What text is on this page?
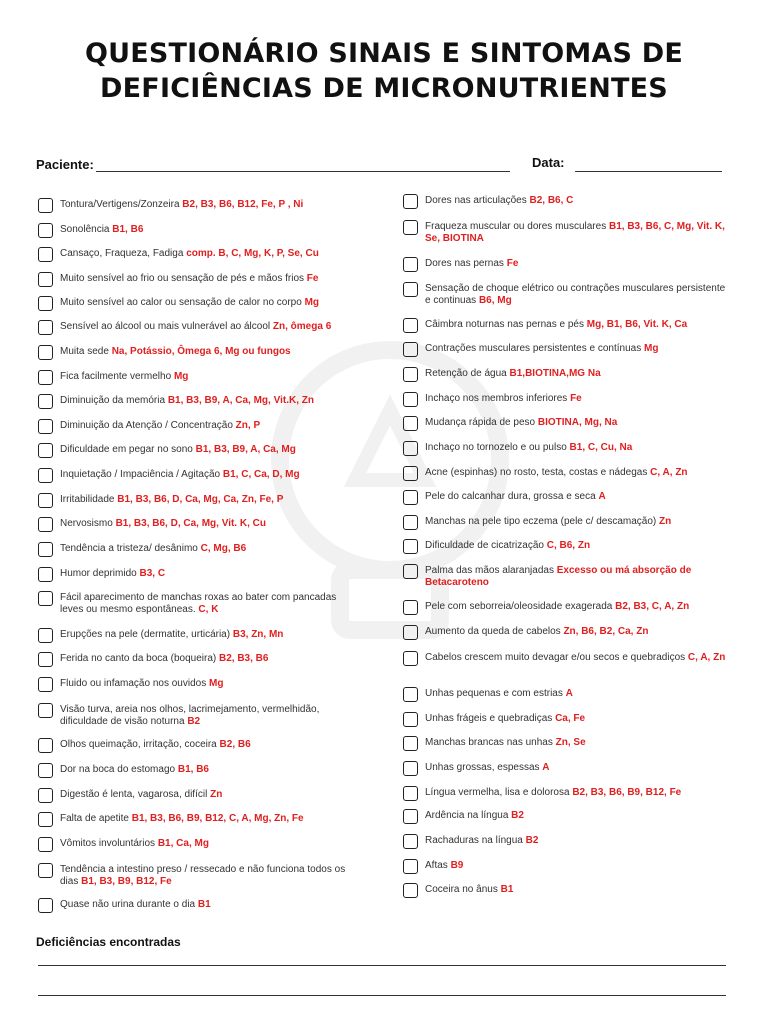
QUESTIONÁRIO SINAIS E SINTOMAS DE
DEFICIÊNCIAS DE MICRONUTRIENTES
Paciente:	Data:
Tontura/Vertigens/Zonzeira B2, B3, B6, B12, Fe, P , Ni
Sonolência B1, B6
Cansaço, Fraqueza, Fadiga comp. B, C, Mg, K, P, Se, Cu
Muito sensível ao frio ou sensação de pés e mãos frios Fe
Muito sensível ao calor ou sensação de calor no corpo Mg
Sensível ao álcool ou mais vulnerável ao álcool Zn, ômega 6
Muita sede Na, Potássio, Ômega 6, Mg ou fungos
Fica facilmente vermelho Mg
Diminuição da memória B1, B3, B9, A, Ca, Mg, Vit.K, Zn
Diminuição da Atenção / Concentração Zn, P
Dificuldade em pegar no sono B1, B3, B9, A, Ca, Mg
Inquietação / Impaciência / Agitação B1, C, Ca, D, Mg
Irritabilidade B1, B3, B6, D, Ca, Mg, Ca, Zn, Fe, P
Nervosismo B1, B3, B6, D, Ca, Mg, Vit. K, Cu
Tendência a tristeza/ desânimo C, Mg, B6
Humor deprimido B3, C
Fácil aparecimento de manchas roxas ao bater com pancadas leves ou mesmo espontâneas. C, K
Erupções na pele (dermatite, urticária) B3, Zn, Mn
Ferida no canto da boca (boqueira) B2, B3, B6
Fluido ou infamação nos ouvidos Mg
Visão turva, areia nos olhos, lacrimejamento, vermelhidão, dificuldade de visão noturna B2
Olhos queimação, irritação, coceira B2, B6
Dor na boca do estomago B1, B6
Digestão é lenta, vagarosa, difícil Zn
Falta de apetite B1, B3, B6, B9, B12, C, A, Mg, Zn, Fe
Vômitos involuntários B1, Ca, Mg
Tendência a intestino preso / ressecado e não funciona todos os dias B1, B3, B9, B12, Fe
Quase não urina durante o dia B1
Dores nas articulações B2, B6, C
Fraqueza muscular ou dores musculares B1, B3, B6, C, Mg, Vit. K, Se, BIOTINA
Dores nas pernas Fe
Sensação de choque elétrico ou contrações musculares persistente e continuas B6, Mg
Câimbra noturnas nas pernas e pés Mg, B1, B6, Vit. K, Ca
Contrações musculares persistentes e contínuas Mg
Retenção de água B1,BIOTINA,MG Na
Inchaço nos membros inferiores Fe
Mudança rápida de peso BIOTINA, Mg, Na
Inchaço no tornozelo e ou pulso B1, C, Cu, Na
Acne (espinhas) no rosto, testa, costas e nádegas C, A, Zn
Pele do calcanhar dura, grossa e seca A
Manchas na pele tipo eczema (pele c/ descamação) Zn
Dificuldade de cicatrização C, B6, Zn
Palma das mãos alaranjadas Excesso ou má absorção de Betacaroteno
Pele com seborreia/oleosidade exagerada B2, B3, C, A, Zn
Aumento da queda de cabelos Zn, B6, B2, Ca, Zn
Cabelos crescem muito devagar e/ou secos e quebradiços C, A, Zn
Unhas pequenas e com estrias A
Unhas frágeis e quebradiças Ca, Fe
Manchas brancas nas unhas Zn, Se
Unhas grossas, espessas A
Língua vermelha, lisa e dolorosa B2, B3, B6, B9, B12, Fe
Ardência na língua B2
Rachaduras na língua B2
Aftas B9
Coceira no ânus B1
Deficiências encontradas
